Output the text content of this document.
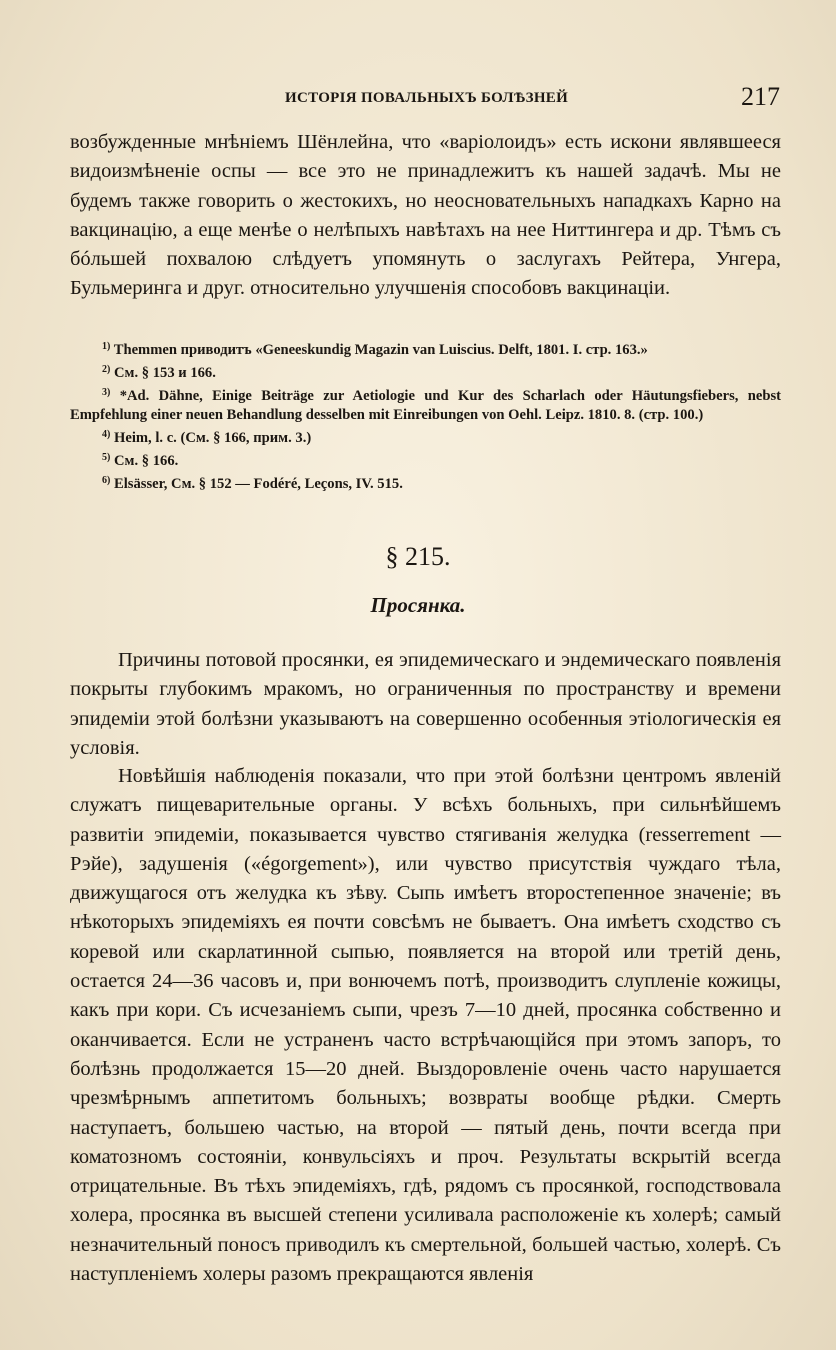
ИСТОРІЯ ПОВАЛЬНЫХЪ БОЛѢЗНЕЙ	217

возбужденные мнѣніемъ Шёнлейна, что «варіолоидъ» есть искони являвшееся видоизмѣненіе оспы — все это не принадлежитъ къ нашей задачѣ. Мы не будемъ также говорить о жестокихъ, но неосновательныхъ нападкахъ Карно на вакцинацію, а еще менѣе о нелѣпыхъ навѣтахъ на нее Ниттингера и др. Тѣмъ съ бóльшей похвалою слѣдуетъ упомянуть о заслугахъ Рейтера, Унгера, Бульмеринга и друг. относительно улучшенія способовъ вакцинаціи.

$^{1)}$ Themmen приводитъ «Geneeskundig Magazin van Luiscius. Delft, 1801. I. стр. 163.»

$^{2)}$ См. § 153 и 166.

$^{3)}$ *Ad. Dähne, Einige Beiträge zur Aetiologie und Kur des Scharlach oder Häutungsfiebers, nebst Empfehlung einer neuen Behandlung desselben mit Einreibungen von Oehl. Leipz. 1810. 8. (стр. 100.)

$^{4)}$ Heim, l. c. (См. § 166, прим. 3.)

$^{5)}$ См. § 166.

$^{6)}$ Elsässer, См. § 152 — Fodéré, Leçons, IV. 515.

§ 215.
Просянка.

Причины потовой просянки, ея эпидемическаго и эндемическаго появленія покрыты глубокимъ мракомъ, но ограниченныя по пространству и времени эпидеміи этой болѣзни указываютъ на совершенно особенныя этіологическія ея условія.

Новѣйшія наблюденія показали, что при этой болѣзни центромъ явленій служатъ пищеварительные органы. У всѣхъ больныхъ, при сильнѣйшемъ развитіи эпидеміи, показывается чувство стягиванія желудка (resserrement — Рэйе), задушенія («égorgement»), или чувство присутствія чуждаго тѣла, движущагося отъ желудка къ зѣву. Сыпь имѣетъ второстепенное значеніе; въ нѣкоторыхъ эпидеміяхъ ея почти совсѣмъ не бываетъ. Она имѣетъ сходство съ коревой или скарлатинной сыпью, появляется на второй или третій день, остается 24—36 часовъ и, при вонючемъ потѣ, производитъ слупленіе кожицы, какъ при кори. Съ исчезаніемъ сыпи, чрезъ 7—10 дней, просянка собственно и оканчивается. Если не устраненъ часто встрѣчающійся при этомъ запоръ, то болѣзнь продолжается 15—20 дней. Выздоровленіе очень часто нарушается чрезмѣрнымъ аппетитомъ больныхъ; возвраты вообще рѣдки. Смерть наступаетъ, большею частью, на второй — пятый день, почти всегда при коматозномъ состояніи, конвульсіяхъ и проч. Результаты вскрытій всегда отрицательные. Въ тѣхъ эпидеміяхъ, гдѣ, рядомъ съ просянкой, господствовала холера, просянка въ высшей степени усиливала расположеніе къ холерѣ; самый незначительный поносъ приводилъ къ смертельной, большей частью, холерѣ. Съ наступленіемъ холеры разомъ прекращаются явленія
